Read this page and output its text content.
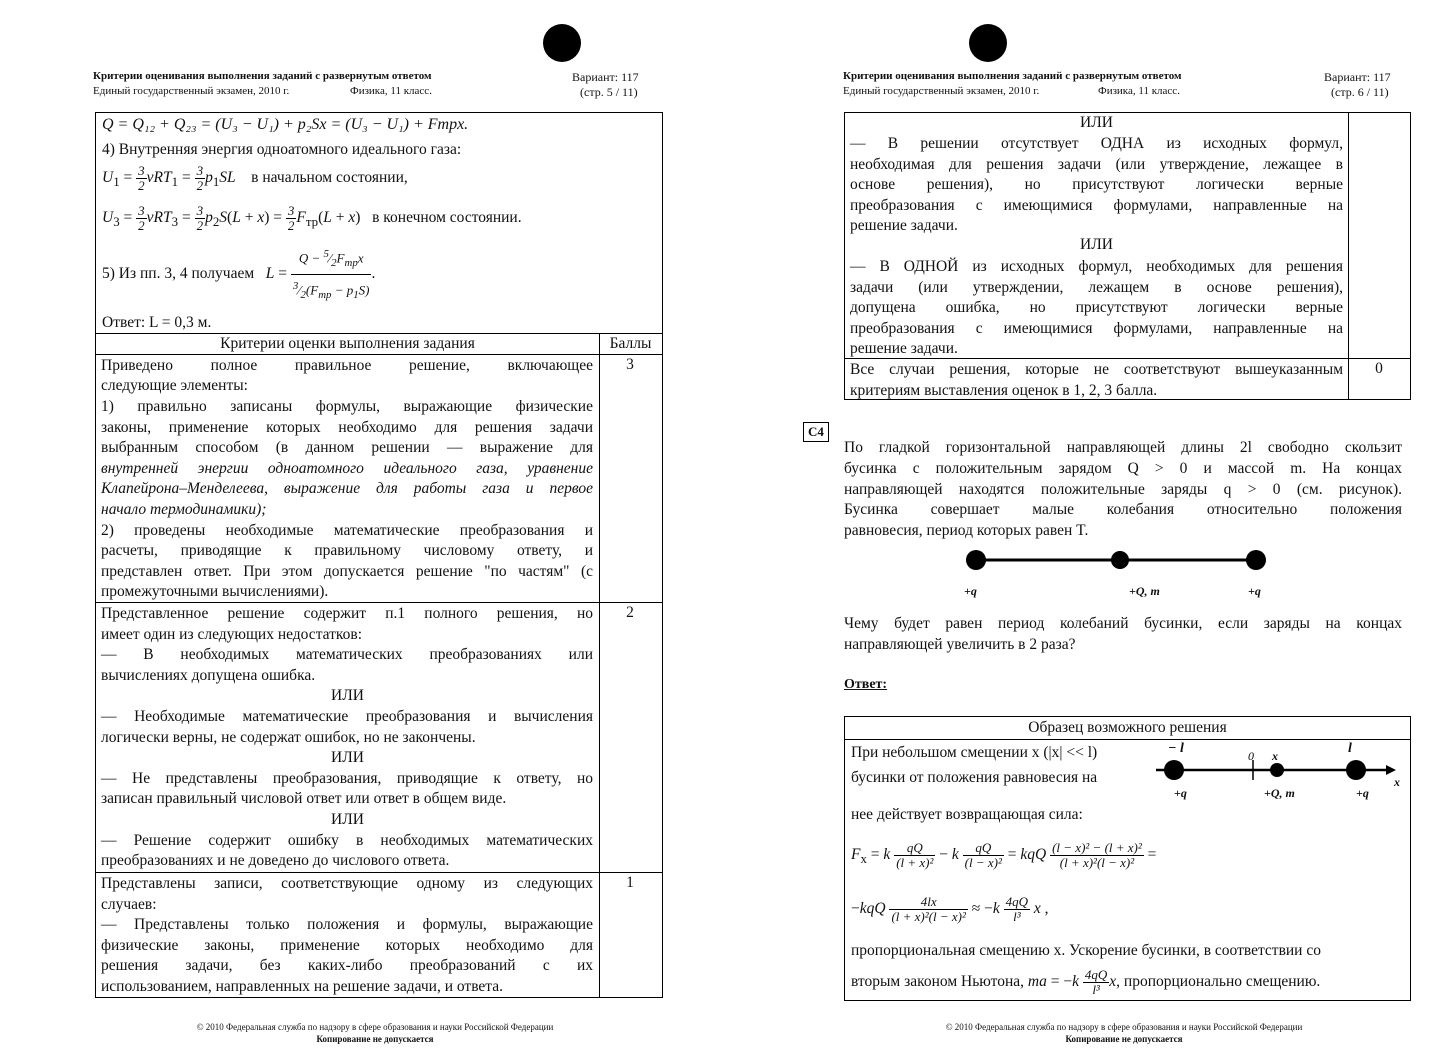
Критерии оценивания выполнения заданий с развернутым ответом
Единый государственный экзамен, 2010 г.	Физика, 11 класс.
Вариант: 117
(стр. 5 / 11)
Q = Q₁₂ + Q₂₃ = (U₃ − U₁) + p₂Sx = (U₃ − U₁) + Fтрx.
4) Внутренняя энергия одноатомного идеального газа:
$U_1 = \frac{3}{2} \nu RT_1 = \frac{3}{2} p_1SL$ в начальном состоянии,
$U_3 = \frac{3}{2} \nu RT_3 = \frac{3}{2} p_2S(L + x) = \frac{3}{2} F_{тр}(L + x)$   в конечном состоянии.
5) Из пп. 3, 4 получаем $L = \frac{Q - ^5⁄_2F_{тр}x}{^3⁄_2(F_{тр} - p_1S)}$ .
Ответ: L = 0,3 м.
Критерии оценки выполнения задания	Баллы
Приведено полное правильное решение, включающее
следующие элементы:
1) правильно записаны формулы, выражающие физические
законы, применение которых необходимо для решения задачи
выбранным способом (в данном решении — выражение для
внутренней энергии одноатомного идеального газа, уравнение
Клапейрона–Менделеева, выражение для работы газа и первое
начало термодинамики);
2) проведены необходимые математические преобразования и
расчеты, приводящие к правильному числовому ответу, и
представлен ответ. При этом допускается решение "по частям" (с
промежуточными вычислениями).
3
Представленное решение содержит п.1 полного решения, но
имеет один из следующих недостатков:
— В необходимых математических преобразованиях или
вычислениях допущена ошибка.
ИЛИ
— Необходимые математические преобразования и вычисления
логически верны, не содержат ошибок, но не закончены.
ИЛИ
— Не представлены преобразования, приводящие к ответу, но
записан правильный числовой ответ или ответ в общем виде.
ИЛИ
— Решение содержит ошибку в необходимых математических
преобразованиях и не доведено до числового ответа.
2
Представлены записи, соответствующие одному из следующих
случаев:
— Представлены только положения и формулы, выражающие
физические законы, применение которых необходимо для
решения задачи, без каких-либо преобразований с их
использованием, направленных на решение задачи, и ответа.
1
© 2010 Федеральная служба по надзору в сфере образования и науки Российской Федерации
Копирование не допускается
Критерии оценивания выполнения заданий с развернутым ответом
Единый государственный экзамен, 2010 г.	Физика, 11 класс.
Вариант: 117
(стр. 6 / 11)
ИЛИ
— В решении отсутствует ОДНА из исходных формул,
необходимая для решения задачи (или утверждение, лежащее в
основе решения), но присутствуют логически верные
преобразования с имеющимися формулами, направленные на
решение задачи.
ИЛИ
— В ОДНОЙ из исходных формул, необходимых для решения
задачи (или утверждении, лежащем в основе решения),
допущена ошибка, но присутствуют логически верные
преобразования с имеющимися формулами, направленные на
решение задачи.
Все случаи решения, которые не соответствуют вышеуказанным
критериям выставления оценок в 1, 2, 3 балла.
0
C4
По гладкой горизонтальной направляющей длины 2l свободно скользит
бусинка с положительным зарядом Q > 0 и массой m. На концах
направляющей находятся положительные заряды q > 0 (см. рисунок).
Бусинка совершает малые колебания относительно положения
равновесия, период которых равен T.
+q	+Q, m	+q
Чему будет равен период колебаний бусинки, если заряды на концах
направляющей увеличить в 2 раза?
Ответ:
Образец возможного решения
При небольшом смещении x (|x| << l)
бусинки от положения равновесия на
нее действует возвращающая сила:
$F_x = k \frac{qQ}{\text{(l + x)²}} - k \frac{qQ}{\text{(l − x)²}}$ = kqQ $\frac{\text{(l − x)² − (l + x)²}}{\text{(l + x)²(l − x)²}}$ =
$-kqQ \frac{4lx}{\text{(l + x)²(l − x)²}} \approx -k \frac{4qQ}{\text{l³}}$ x ,
пропорциональная смещению x. Ускорение бусинки, в соответствии со
вторым законом Ньютона, ma = $-k \frac{4qQ}{\text{l³}} x$, пропорционально смещению.
− l	0 x	l
x
+q	+Q, m	+q
© 2010 Федеральная служба по надзору в сфере образования и науки Российской Федерации
Копирование не допускается
